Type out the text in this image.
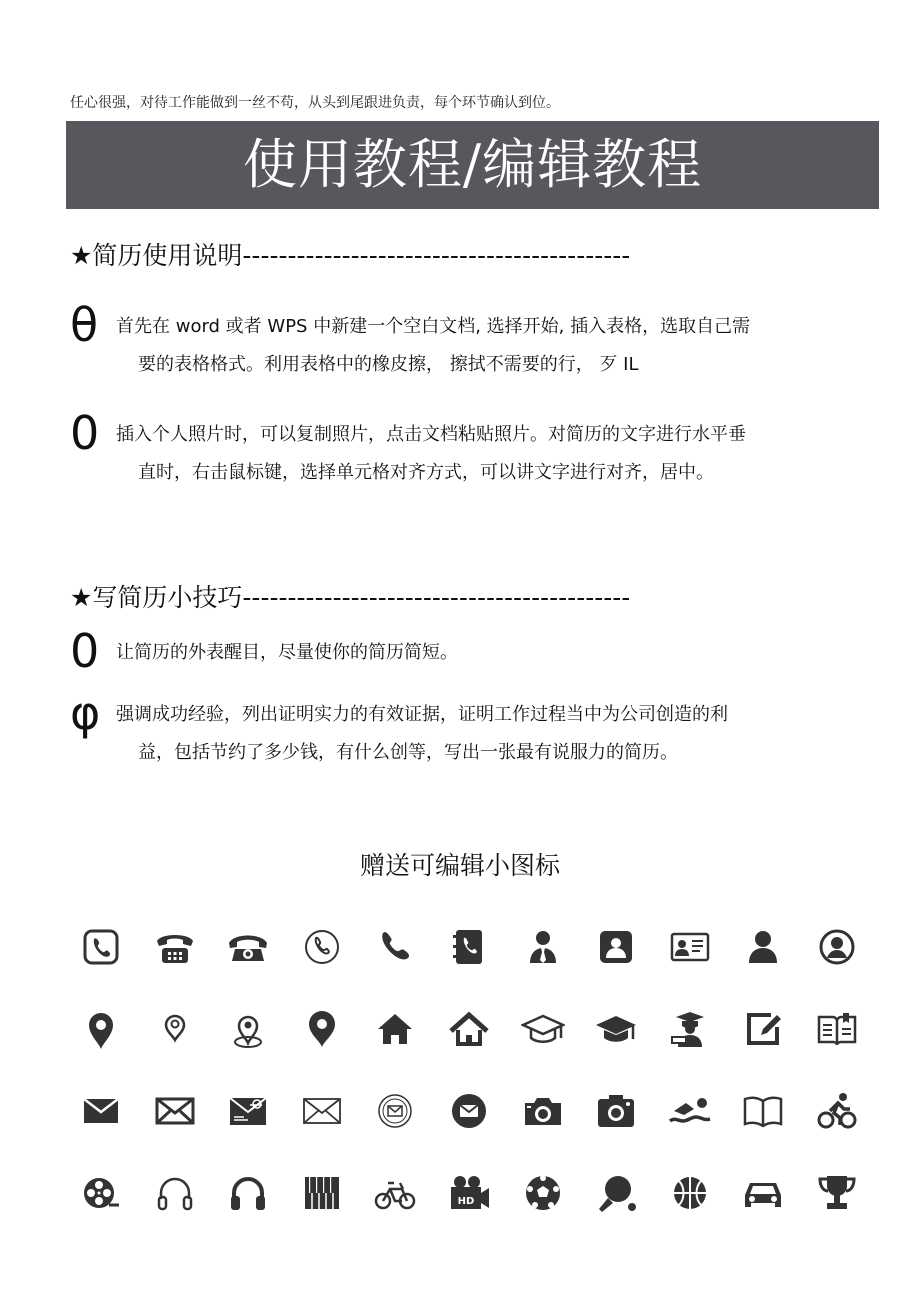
任心很强，对待工作能做到一丝不苟，从头到尾跟进负责，每个环节确认到位。
使用教程/编辑教程
★简历使用说明-------------------------------------------
θ 首先在 word 或者 WPS 中新建一个空白文档, 选择开始, 插入表格，选取自己需
要的表格格式。利用表格中的橡皮擦， 擦拭不需要的行， 歹 IL
0 插入个人照片时，可以复制照片，点击文档粘贴照片。对简历的文字进行水平垂
直时，右击鼠标键，选择单元格对齐方式，可以讲文字进行对齐，居中。
★写简历小技巧-------------------------------------------
0 让简历的外表醒目，尽量使你的简历简短。
φ 强调成功经验，列出证明实力的有效证据，证明工作过程当中为公司创造的利
益，包括节约了多少钱，有什么创等，写出一张最有说服力的简历。
赠送可编辑小图标
HD
